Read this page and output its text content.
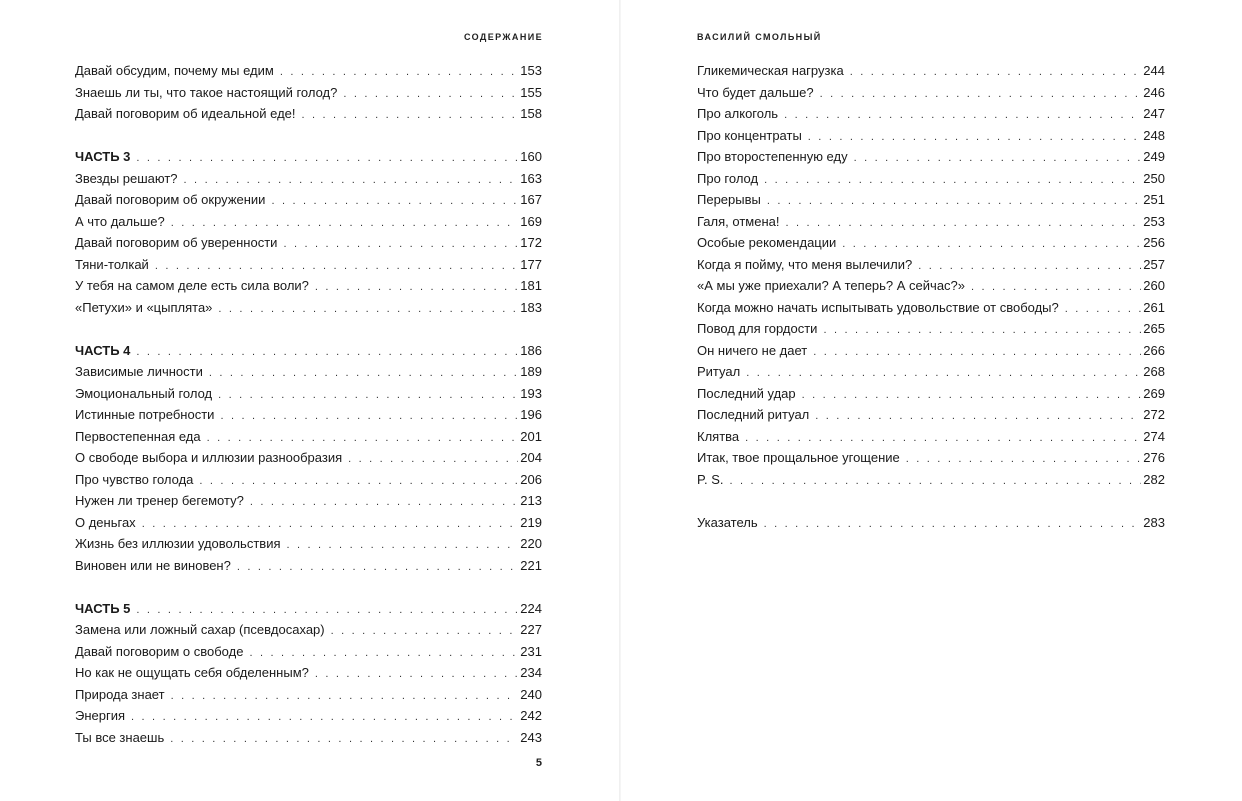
СОДЕРЖАНИЕ
Давай обсудим, почему мы едим . . .	153
Знаешь ли ты, что такое настоящий голод? . . .	155
Давай поговорим об идеальной еде! . . .	158
ЧАСТЬ 3 . . .	160
Звезды решают? . . .	163
Давай поговорим об окружении . . .	167
А что дальше? . . .	169
Давай поговорим об уверенности . . .	172
Тяни-толкай . . .	177
У тебя на самом деле есть сила воли? . . .	181
«Петухи» и «цыплята» . . .	183
ЧАСТЬ 4 . . .	186
Зависимые личности . . .	189
Эмоциональный голод . . .	193
Истинные потребности . . .	196
Первостепенная еда . . .	201
О свободе выбора и иллюзии разнообразия . . .	204
Про чувство голода . . .	206
Нужен ли тренер бегемоту? . . .	213
О деньгах . . .	219
Жизнь без иллюзии удовольствия . . .	220
Виновен или не виновен? . . .	221
ЧАСТЬ 5 . . .	224
Замена или ложный сахар (псевдосахар) . . .	227
Давай поговорим о свободе . . .	231
Но как не ощущать себя обделенным? . . .	234
Природа знает . . .	240
Энергия . . .	242
Ты все знаешь . . .	243
5
ВАСИЛИЙ СМОЛЬНЫЙ
Гликемическая нагрузка . . .	244
Что будет дальше? . . .	246
Про алкоголь . . .	247
Про концентраты . . .	248
Про второстепенную еду . . .	249
Про голод . . .	250
Перерывы . . .	251
Галя, отмена! . . .	253
Особые рекомендации . . .	256
Когда я пойму, что меня вылечили? . . .	257
«А мы уже приехали? А теперь? А сейчас?» . . .	260
Когда можно начать испытывать удовольствие от свободы? . . .	261
Повод для гордости . . .	265
Он ничего не дает . . .	266
Ритуал . . .	268
Последний удар . . .	269
Последний ритуал . . .	272
Клятва . . .	274
Итак, твое прощальное угощение . . .	276
P. S. . . .	282
Указатель . . .	283
